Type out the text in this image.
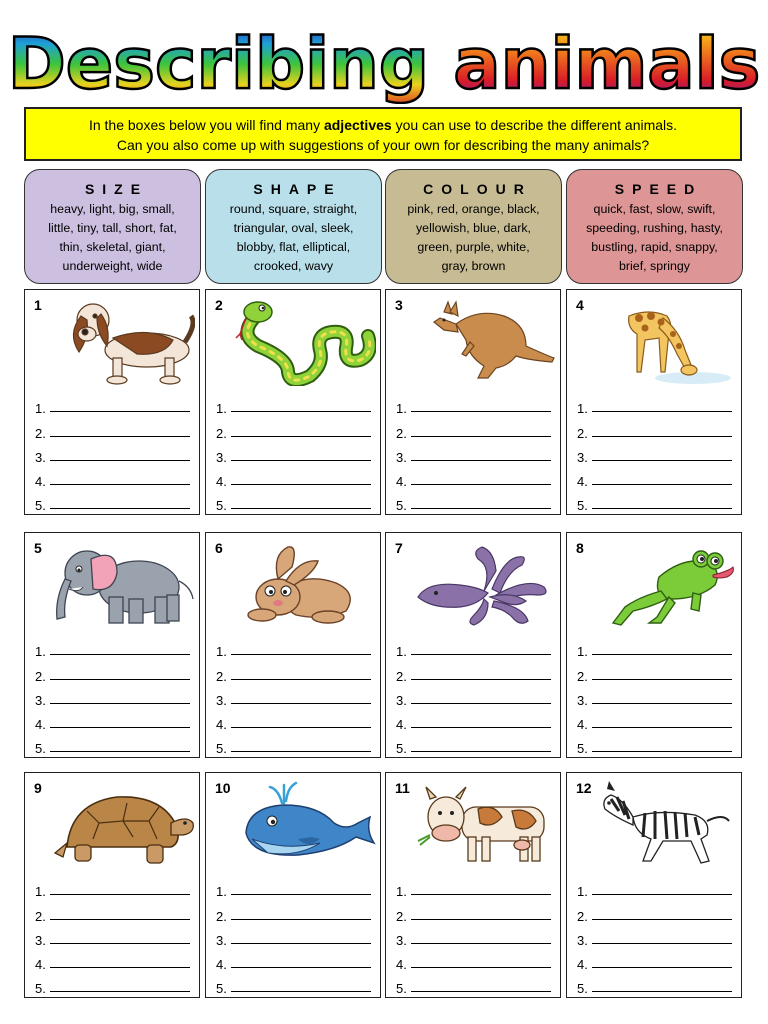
Describing animals
In the boxes below you will find many adjectives you can use to describe the different animals.
Can you also come up with suggestions of your own for describing the many animals?
SIZE
heavy, light, big, small,
little, tiny, tall, short, fat,
thin, skeletal, giant,
underweight, wide
SHAPE
round, square, straight,
triangular, oval, sleek,
blobby, flat, elliptical,
crooked, wavy
COLOUR
pink, red, orange, black,
yellowish, blue, dark,
green, purple, white,
gray, brown
SPEED
quick, fast, slow, swift,
speeding, rushing, hasty,
bustling, rapid, snappy,
brief, springy
1
1.
2.
3.
4.
5.
2
1.
2.
3.
4.
5.
3
1.
2.
3.
4.
5.
4
1.
2.
3.
4.
5.
5
1.
2.
3.
4.
5.
6
1.
2.
3.
4.
5.
7
1.
2.
3.
4.
5.
8
1.
2.
3.
4.
5.
9
1.
2.
3.
4.
5.
10
1.
2.
3.
4.
5.
11
1.
2.
3.
4.
5.
12
1.
2.
3.
4.
5.
